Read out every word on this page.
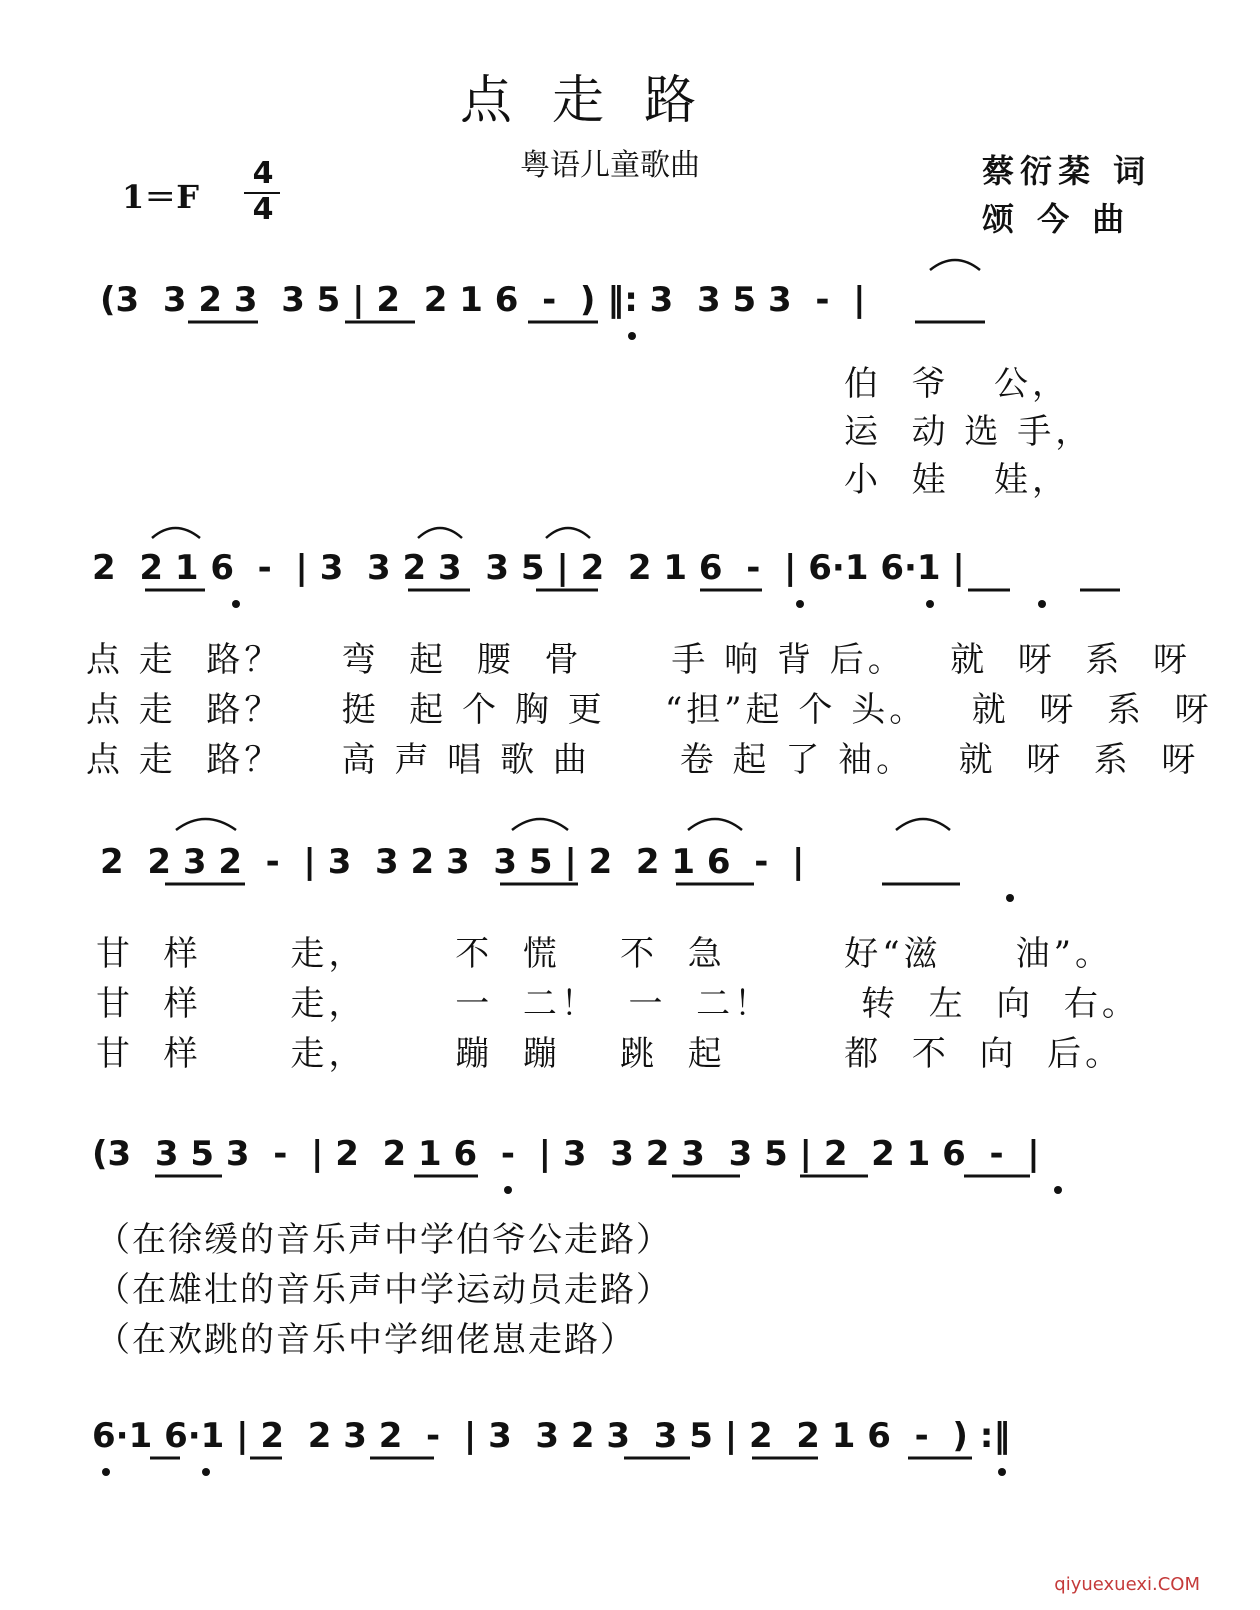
点走路
粤语儿童歌曲	蔡衍棻 词
颂 今 曲
1＝F
4
4
(3  3 2 3  3 5 | 2  2 1 6  -  ) ‖: 3  3 5 3  -  |
伯  爷   公，
运  动 选 手，
小  娃   娃，
2  2 1 6  -  | 3  3 2 3  3 5 | 2  2 1 6  -  | 6·1 6·1 |
点 走  路？    弯  起  腰  骨      手 响 背 后。   就  呀  系  呀
点 走  路？    挺  起 个 胸 更    “担”起 个 头。   就  呀  系  呀
点 走  路？    高 声 唱 歌 曲      卷 起 了 袖。   就  呀  系  呀
2  2 3 2  -  | 3  3 2 3  3 5 | 2  2 1 6  -  |
甘  样      走，      不  慌    不  急        好“滋     油”。
甘  样      走，      一  二！  一  二！      转  左  向  右。
甘  样      走，      蹦  蹦    跳  起        都  不  向  后。
(3  3 5 3  -  | 2  2 1 6  -  | 3  3 2 3  3 5 | 2  2 1 6  -  |
（在徐缓的音乐声中学伯爷公走路）
（在雄壮的音乐声中学运动员走路）
（在欢跳的音乐中学细佬崽走路）
6·1 6·1 | 2  2 3 2  -  | 3  3 2 3  3 5 | 2  2 1 6  -  ) :‖
qiyuexuexi.COM
